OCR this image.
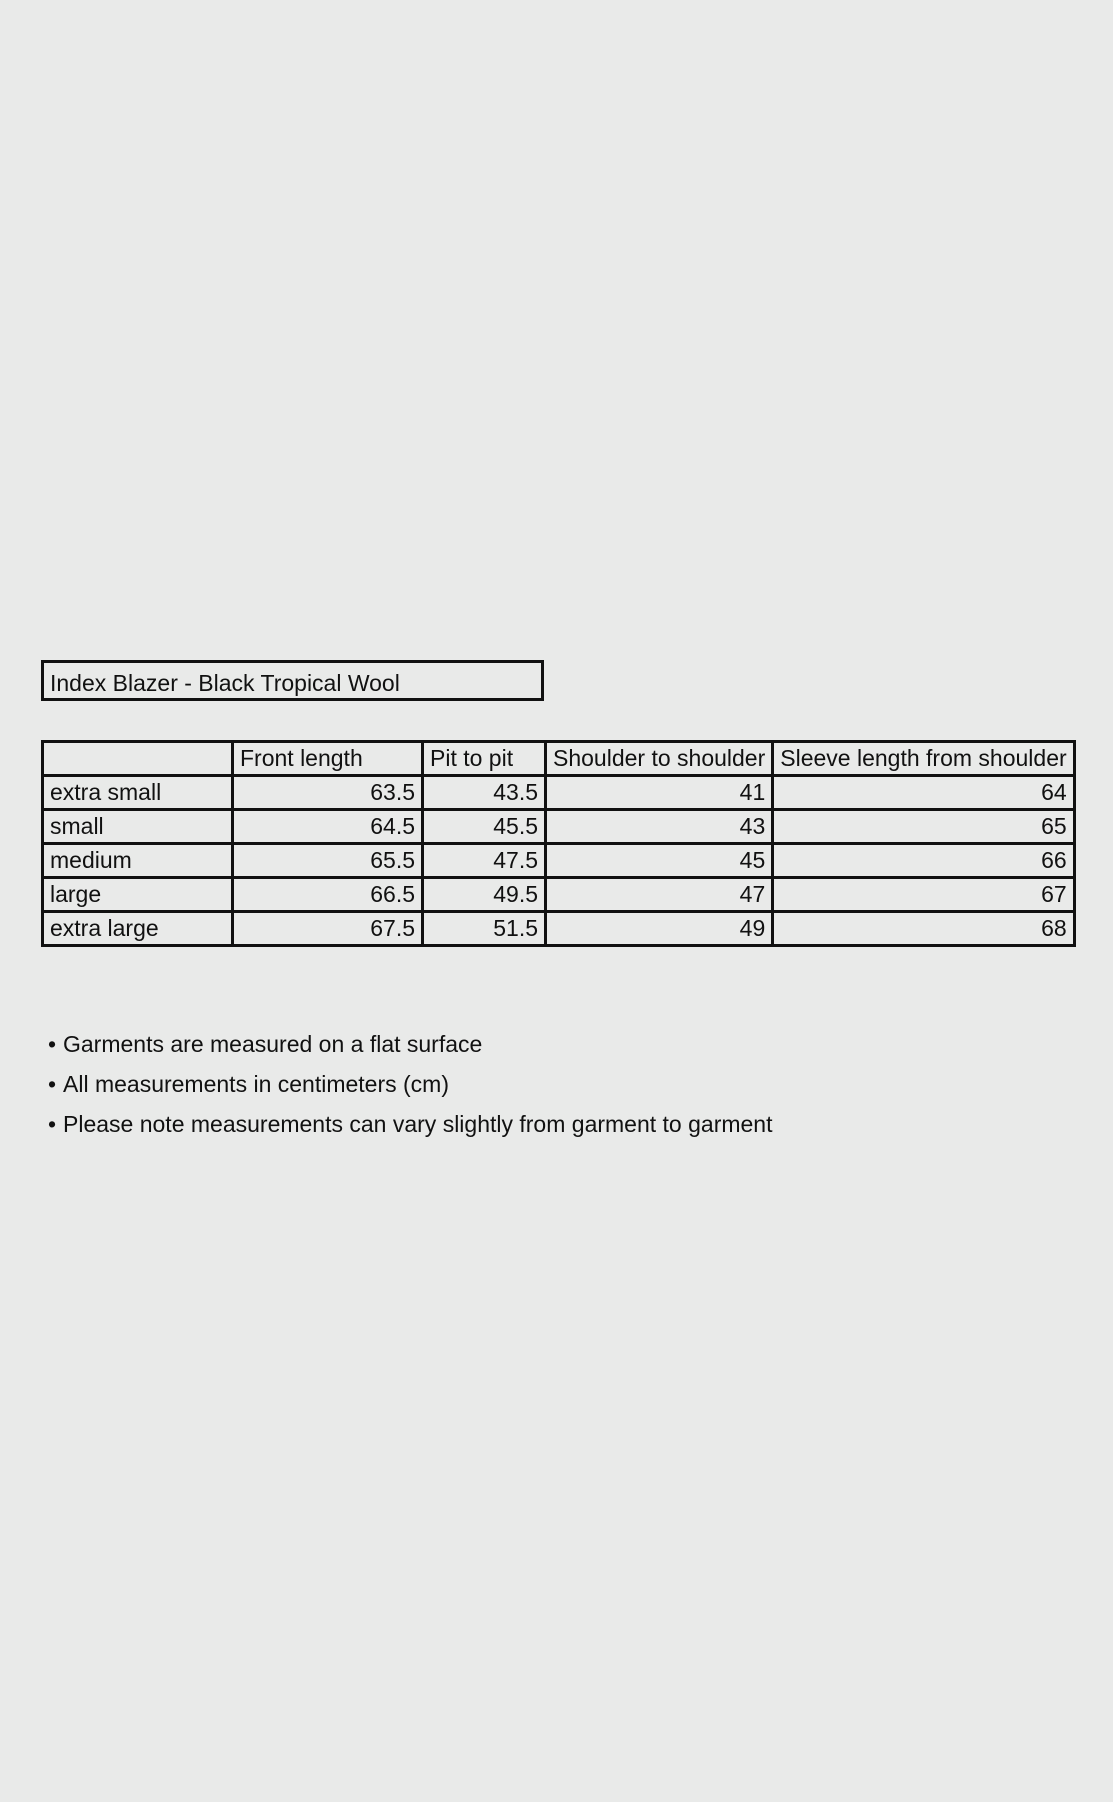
Index Blazer - Black Tropical Wool
	Front length	Pit to pit	Shoulder to shoulder	Sleeve length from shoulder
extra small	63.5	43.5	41	64
small	64.5	45.5	43	65
medium	65.5	47.5	45	66
large	66.5	49.5	47	67
extra large	67.5	51.5	49	68
• Garments are measured on a flat surface
• All measurements in centimeters (cm)
• Please note measurements can vary slightly from garment to garment
